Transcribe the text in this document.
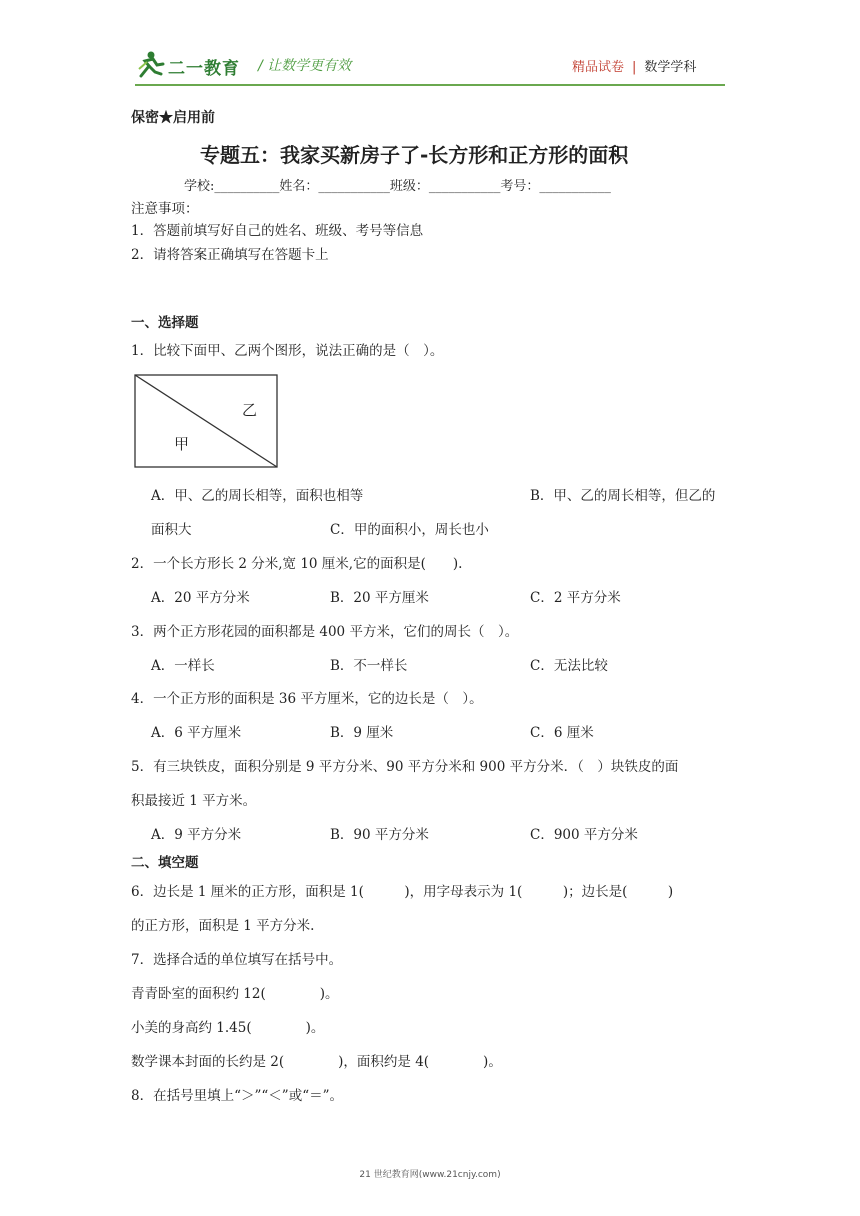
二一教育 / 让数学更有效	精品试卷 | 数学学科
保密★启用前
专题五：我家买新房子了-长方形和正方形的面积
学校:__________姓名：___________班级：___________考号：___________
注意事项：
1．答题前填写好自己的姓名、班级、考号等信息
2．请将答案正确填写在答题卡上
一、选择题
1．比较下面甲、乙两个图形，说法正确的是（　）。
乙
甲
A．甲、乙的周长相等，面积也相等	B．甲、乙的周长相等，但乙的
面积大	C．甲的面积小，周长也小
2．一个长方形长 2 分米,宽 10 厘米,它的面积是(　　).
A．20 平方分米	B．20 平方厘米	C．2 平方分米
3．两个正方形花园的面积都是 400 平方米，它们的周长（　）。
A．一样长	B．不一样长	C．无法比较
4．一个正方形的面积是 36 平方厘米，它的边长是（　）。
A．6 平方厘米	B．9 厘米	C．6 厘米
5．有三块铁皮，面积分别是 9 平方分米、90 平方分米和 900 平方分米．（　）块铁皮的面
积最接近 1 平方米。
A．9 平方分米	B．90 平方分米	C．900 平方分米
二、填空题
6．边长是 1 厘米的正方形，面积是 1(　　　)，用字母表示为 1(　　　)；边长是(　　　)
的正方形，面积是 1 平方分米.
7．选择合适的单位填写在括号中。
青青卧室的面积约 12(　　　　)。
小美的身高约 1.45(　　　　)。
数学课本封面的长约是 2(　　　　)，面积约是 4(　　　　)。
8．在括号里填上“＞”“＜”或“＝”。
21 世纪教育网(www.21cnjy.com)
